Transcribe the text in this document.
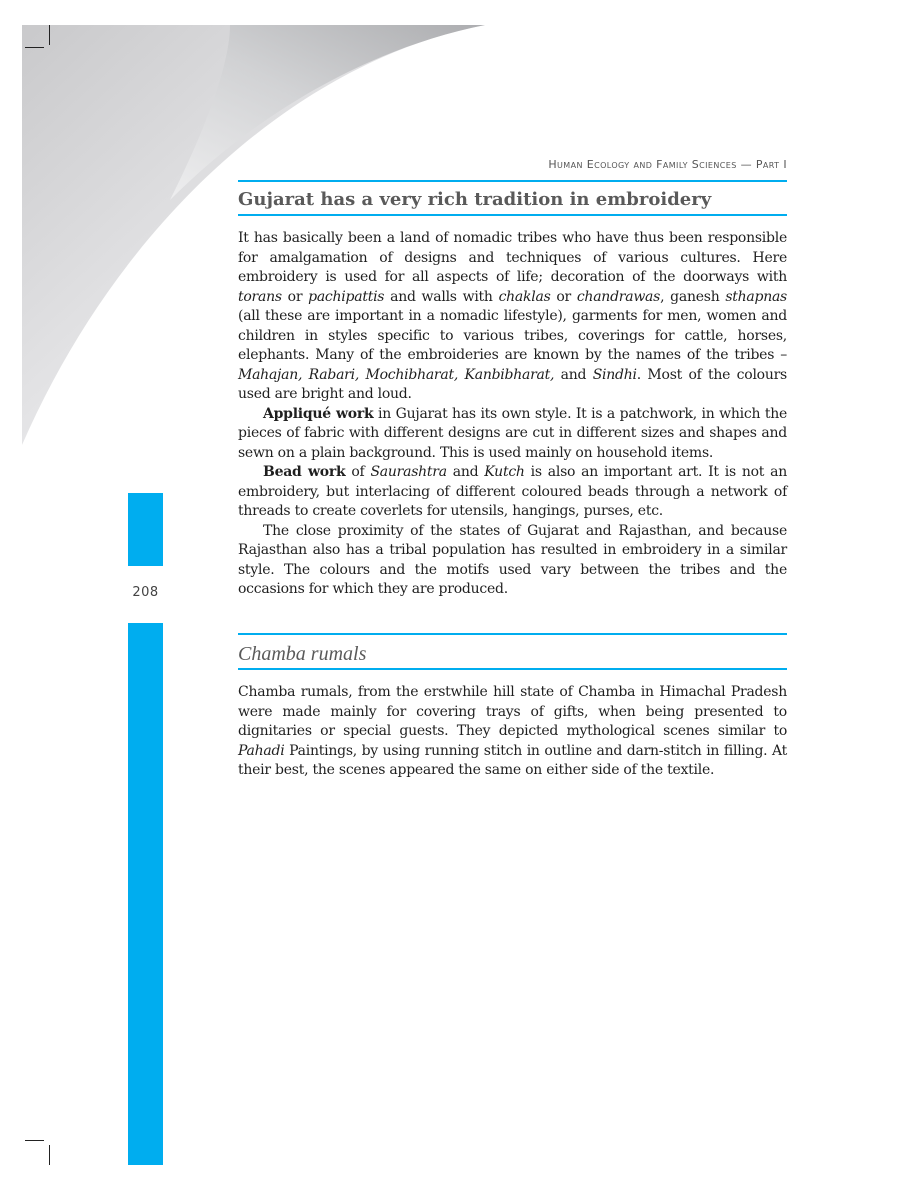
208
Human Ecology and Family Sciences — Part I
Gujarat has a very rich tradition in embroidery

It has basically been a land of nomadic tribes who have thus been responsible for amalgamation of designs and techniques of various cultures. Here embroidery is used for all aspects of life; decoration of the doorways with torans or pachipattis and walls with chaklas or chandrawas, ganesh sthapnas (all these are important in a nomadic lifestyle), garments for men, women and children in styles specific to various tribes, coverings for cattle, horses, elephants. Many of the embroideries are known by the names of the tribes – Mahajan, Rabari, Mochibharat, Kanbibharat, and Sindhi. Most of the colours used are bright and loud.

Appliqué work in Gujarat has its own style. It is a patchwork, in which the pieces of fabric with different designs are cut in different sizes and shapes and sewn on a plain background. This is used mainly on household items.

Bead work of Saurashtra and Kutch is also an important art. It is not an embroidery, but interlacing of different coloured beads through a network of threads to create coverlets for utensils, hangings, purses, etc.

The close proximity of the states of Gujarat and Rajasthan, and because Rajasthan also has a tribal population has resulted in embroidery in a similar style. The colours and the motifs used vary between the tribes and the occasions for which they are produced.

Chamba rumals

Chamba rumals, from the erstwhile hill state of Chamba in Himachal Pradesh were made mainly for covering trays of gifts, when being presented to dignitaries or special guests. They depicted mythological scenes similar to Pahadi Paintings, by using running stitch in outline and darn-stitch in filling. At their best, the scenes appeared the same on either side of the textile.
